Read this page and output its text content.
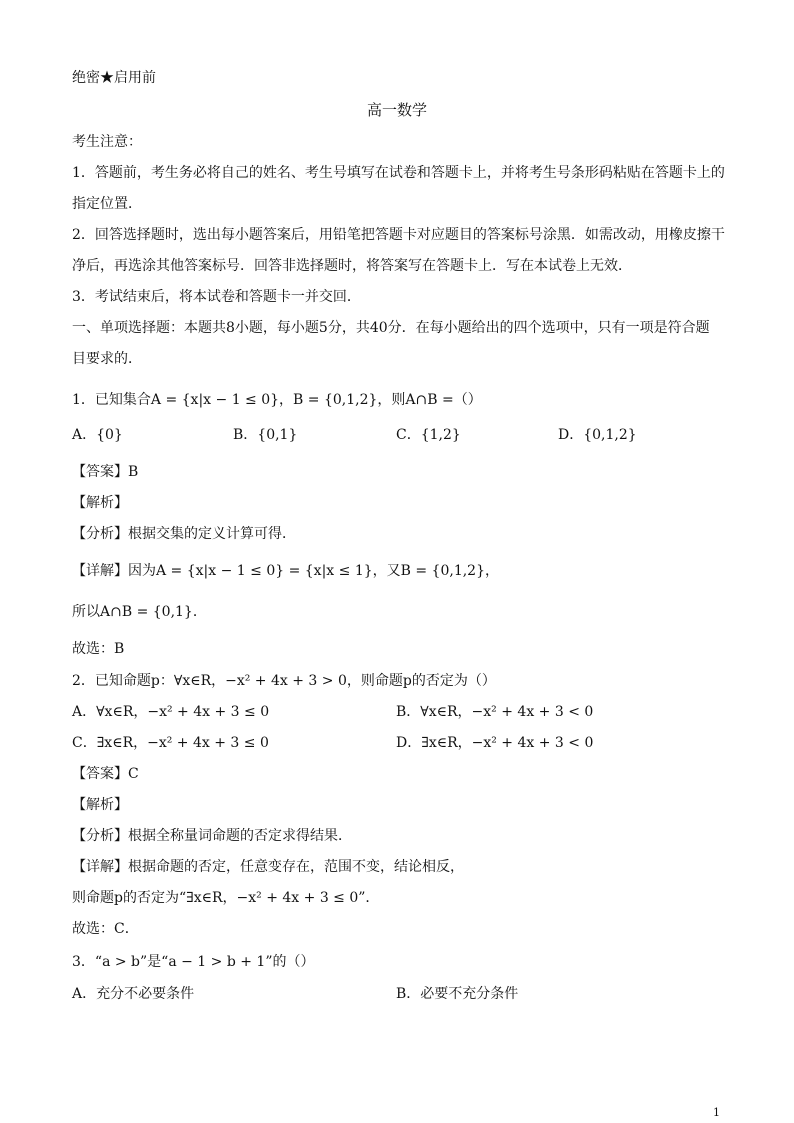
绝密★启用前
高一数学
考生注意：
1．答题前，考生务必将自己的姓名、考生号填写在试卷和答题卡上，并将考生号条形码粘贴在答题卡上的
指定位置．
2．回答选择题时，选出每小题答案后，用铅笔把答题卡对应题目的答案标号涂黑．如需改动，用橡皮擦干
净后，再选涂其他答案标号．回答非选择题时，将答案写在答题卡上．写在本试卷上无效．
3．考试结束后，将本试卷和答题卡一并交回．
一、单项选择题：本题共8小题，每小题5分，共40分．在每小题给出的四个选项中，只有一项是符合题
目要求的．
1．已知集合A = {x|x − 1 ≤ 0}，B = {0,1,2}，则A∩B =（）
A．{0}	B．{0,1}	C．{1,2}	D．{0,1,2}
【答案】B
【解析】
【分析】根据交集的定义计算可得．
【详解】因为A = {x|x − 1 ≤ 0} = {x|x ≤ 1}，又B = {0,1,2}，
所以A∩B = {0,1}．
故选：B
2．已知命题p：∀x∈R，−x² + 4x + 3 > 0，则命题p的否定为（）
A．∀x∈R，−x² + 4x + 3 ≤ 0	B．∀x∈R，−x² + 4x + 3 < 0
C．∃x∈R，−x² + 4x + 3 ≤ 0	D．∃x∈R，−x² + 4x + 3 < 0
【答案】C
【解析】
【分析】根据全称量词命题的否定求得结果．
【详解】根据命题的否定，任意变存在，范围不变，结论相反，
则命题p的否定为“∃x∈R，−x² + 4x + 3 ≤ 0”．
故选：C．
3．“a > b”是“a − 1 > b + 1”的（）
A．充分不必要条件	B．必要不充分条件
1
